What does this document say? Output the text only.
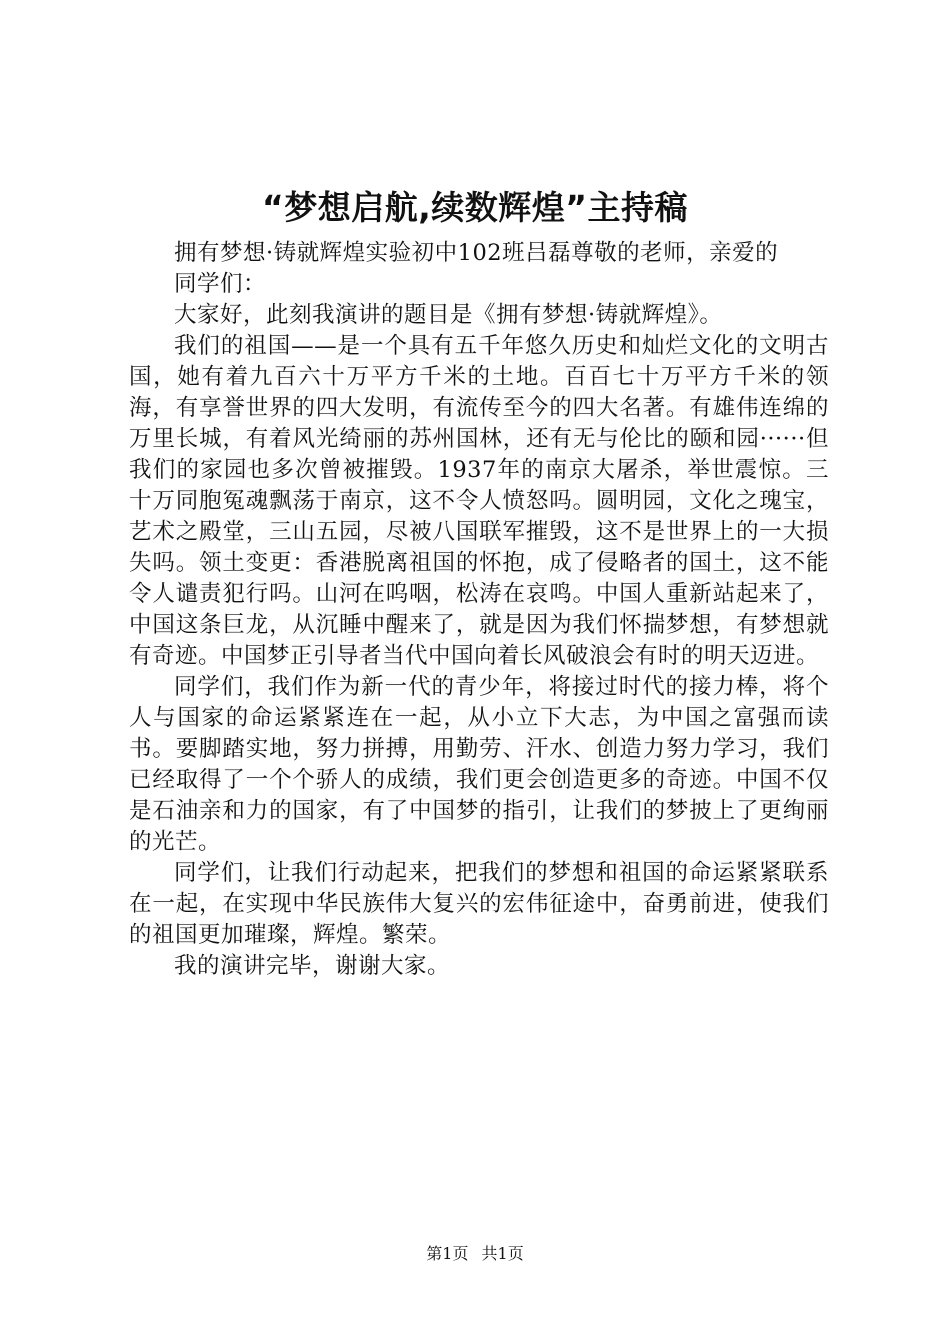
“梦想启航,续数辉煌”主持稿

拥有梦想·铸就辉煌实验初中102班吕磊尊敬的老师，亲爱的

同学们：

大家好，此刻我演讲的题目是《拥有梦想·铸就辉煌》。

我们的祖国——是一个具有五千年悠久历史和灿烂文化的文明古国，她有着九百六十万平方千米的土地。百百七十万平方千米的领海，有享誉世界的四大发明，有流传至今的四大名著。有雄伟连绵的万里长城，有着风光绮丽的苏州国林，还有无与伦比的颐和园······但我们的家园也多次曾被摧毁。1937年的南京大屠杀，举世震惊。三十万同胞冤魂飘荡于南京，这不令人愤怒吗。圆明园，文化之瑰宝，艺术之殿堂，三山五园，尽被八国联军摧毁，这不是世界上的一大损失吗。领土变更：香港脱离祖国的怀抱，成了侵略者的国土，这不能令人谴责犯行吗。山河在呜咽，松涛在哀鸣。中国人重新站起来了，中国这条巨龙，从沉睡中醒来了，就是因为我们怀揣梦想，有梦想就有奇迹。中国梦正引导者当代中国向着长风破浪会有时的明天迈进。

同学们，我们作为新一代的青少年，将接过时代的接力棒，将个人与国家的命运紧紧连在一起，从小立下大志，为中国之富强而读书。要脚踏实地，努力拼搏，用勤劳、汗水、创造力努力学习，我们已经取得了一个个骄人的成绩，我们更会创造更多的奇迹。中国不仅是石油亲和力的国家，有了中国梦的指引，让我们的梦披上了更绚丽的光芒。

同学们，让我们行动起来，把我们的梦想和祖国的命运紧紧联系在一起，在实现中华民族伟大复兴的宏伟征途中，奋勇前进，使我们的祖国更加璀璨，辉煌。繁荣。

我的演讲完毕，谢谢大家。

第1页 共1页
